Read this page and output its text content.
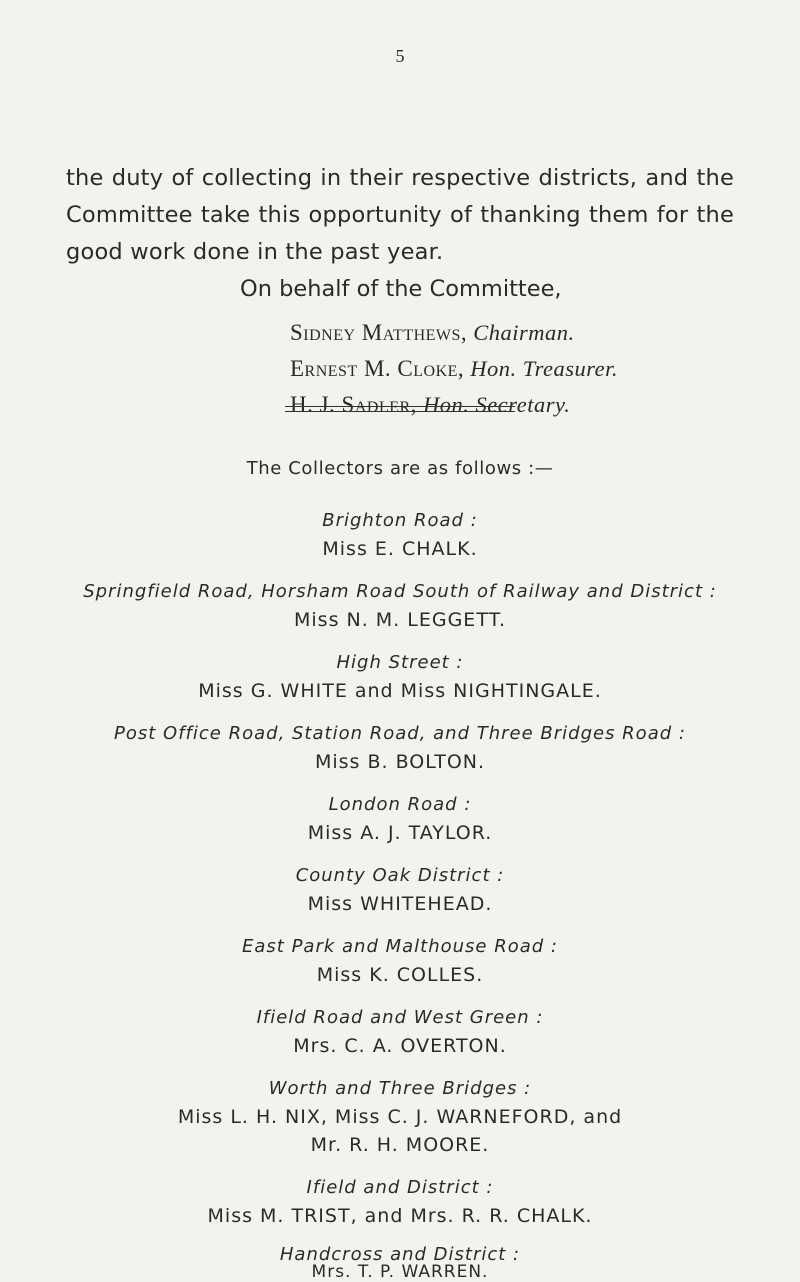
5

the duty of collecting in their respective districts, and the Committee take this opportunity of thanking them for the good work done in the past year.

On behalf of the Committee,
Sidney Matthews, Chairman.
Ernest M. Cloke, Hon. Treasurer.
H. J. Sadler, Hon. Secretary.
The Collectors are as follows :—
Brighton Road :
Miss E. CHALK.
Springfield Road, Horsham Road South of Railway and District :
Miss N. M. LEGGETT.
High Street :
Miss G. WHITE and Miss NIGHTINGALE.
Post Office Road, Station Road, and Three Bridges Road :
Miss B. BOLTON.
London Road :
Miss A. J. TAYLOR.
County Oak District :
Miss WHITEHEAD.
East Park and Malthouse Road :
Miss K. COLLES.
Ifield Road and West Green :
Mrs. C. A. OVERTON.
Worth and Three Bridges :
Miss L. H. NIX, Miss C. J. WARNEFORD, and
Mr. R. H. MOORE.
Ifield and District :
Miss M. TRIST, and Mrs. R. R. CHALK.
Handcross and District :
Mrs. T. P. WARREN.
